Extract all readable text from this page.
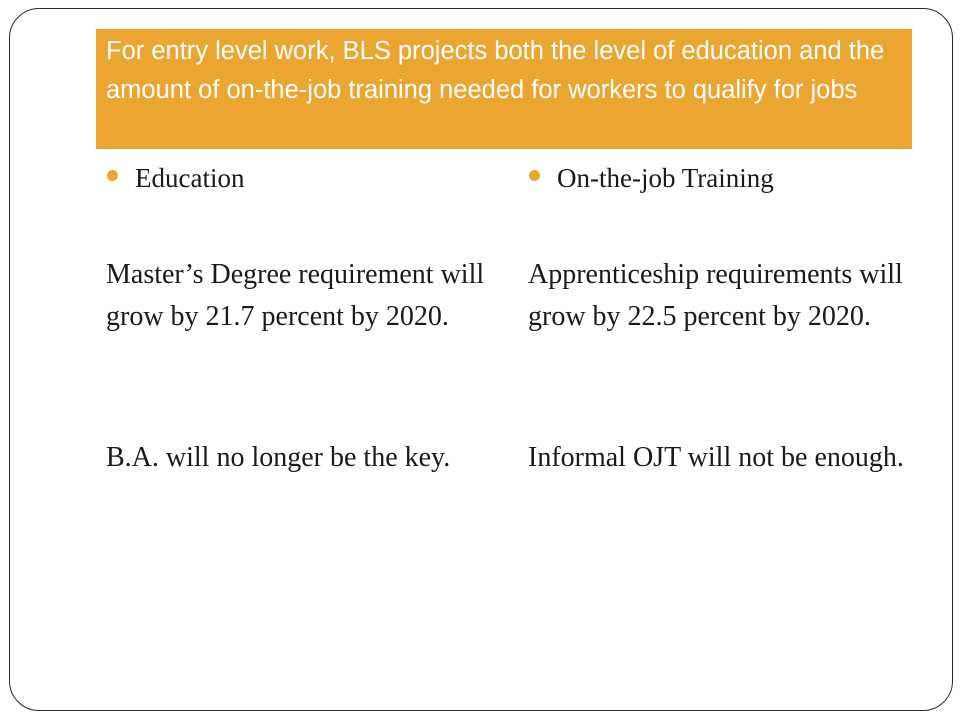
For entry level work, BLS projects both the level of education and the amount of on-the-job training needed for workers to qualify for jobs
Education
Master’s Degree requirement will grow by 21.7 percent by 2020.
B.A. will no longer be the key.
On-the-job Training
Apprenticeship requirements will grow by 22.5 percent by 2020.
Informal OJT will not be enough.
